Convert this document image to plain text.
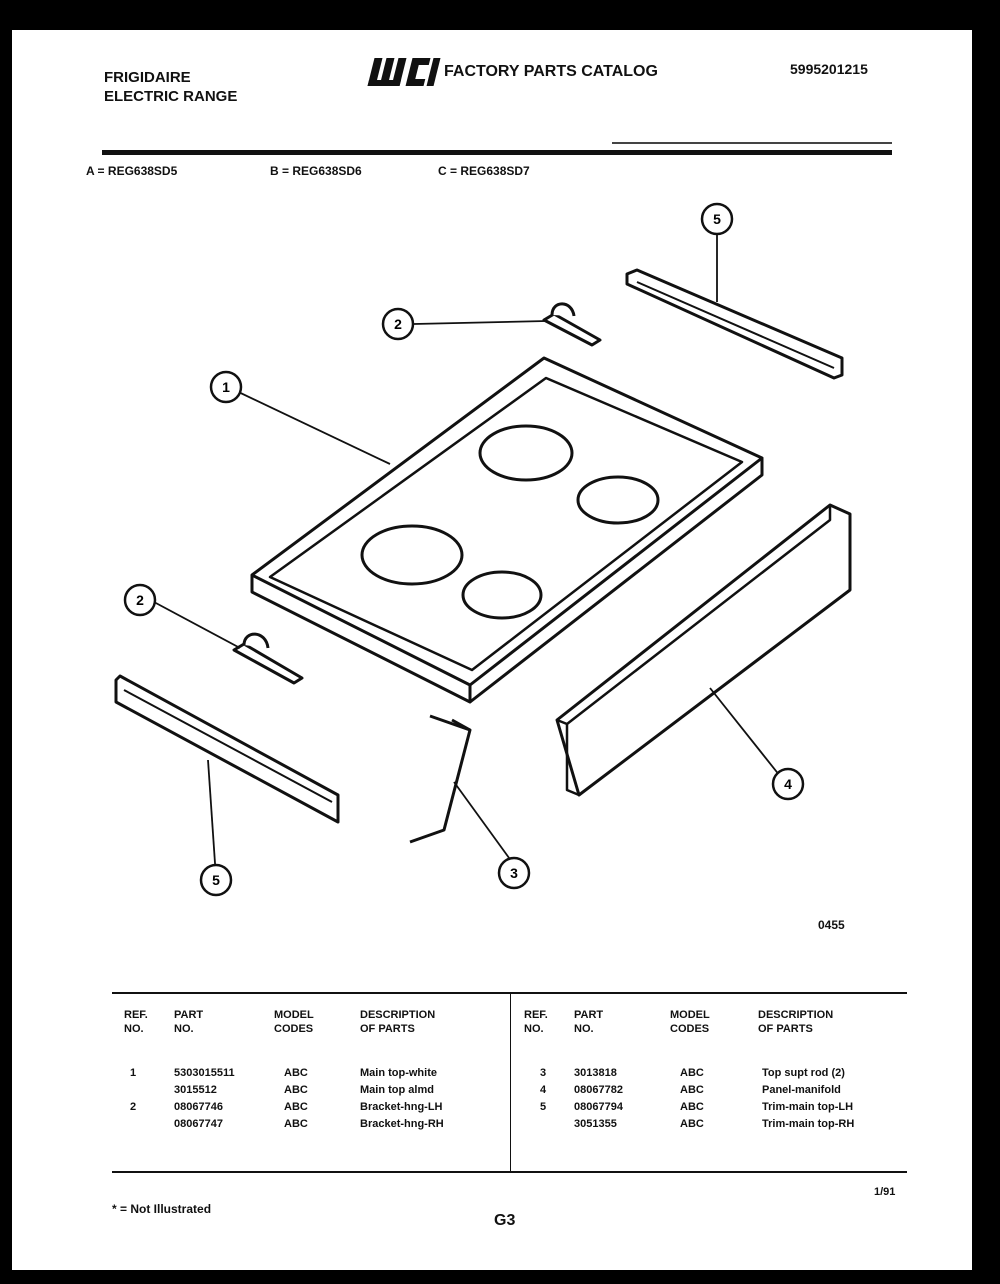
FRIGIDAIRE
ELECTRIC RANGE
FACTORY PARTS CATALOG	5995201215
A = REG638SD5	B = REG638SD6	C = REG638SD7
1
2
2
3
4
5
5
0455
REF.
NO.
PART
NO.
MODEL
CODES
DESCRIPTION
OF PARTS
1	5303015511	ABC	Main top-white
3015512	ABC	Main top almd
2	08067746	ABC	Bracket-hng-LH
08067747	ABC	Bracket-hng-RH
REF.
NO.
PART
NO.
MODEL
CODES
DESCRIPTION
OF PARTS
3	3013818	ABC	Top supt rod (2)
4	08067782	ABC	Panel-manifold
5	08067794	ABC	Trim-main top-LH
3051355	ABC	Trim-main top-RH
* = Not Illustrated
G3
1/91
